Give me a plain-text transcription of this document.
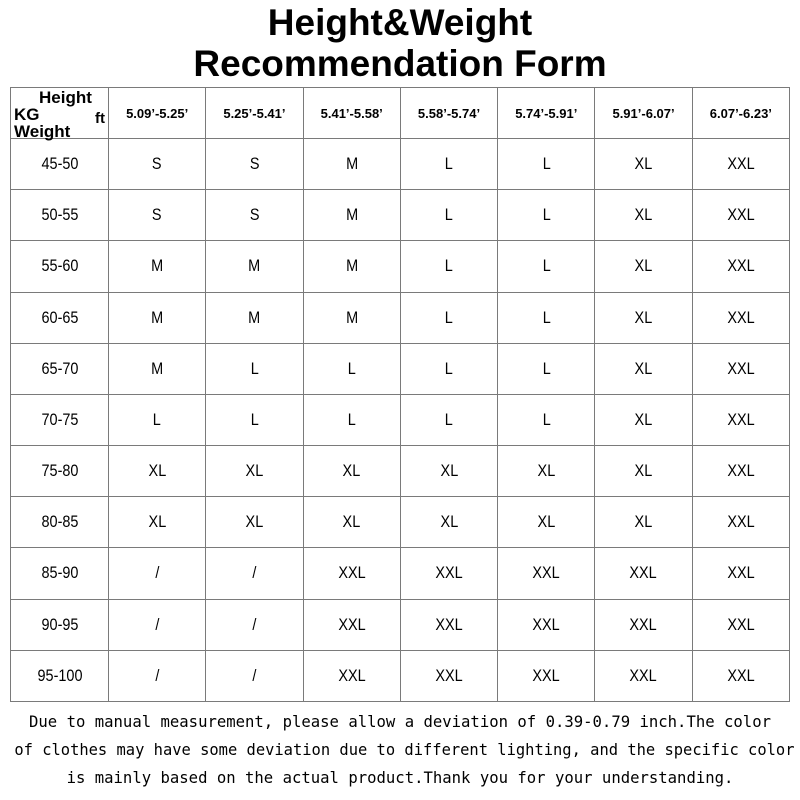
Height&Weight
Recommendation Form
Height
ft
KG
Weight	5.09’-5.25’	5.25’-5.41’	5.41’-5.58’	5.58’-5.74’	5.74’-5.91’	5.91’-6.07’	6.07’-6.23’
45-50	S	S	M	L	L	XL	XXL
50-55	S	S	M	L	L	XL	XXL
55-60	M	M	M	L	L	XL	XXL
60-65	M	M	M	L	L	XL	XXL
65-70	M	L	L	L	L	XL	XXL
70-75	L	L	L	L	L	XL	XXL
75-80	XL	XL	XL	XL	XL	XL	XXL
80-85	XL	XL	XL	XL	XL	XL	XXL
85-90	/	/	XXL	XXL	XXL	XXL	XXL
90-95	/	/	XXL	XXL	XXL	XXL	XXL
95-100	/	/	XXL	XXL	XXL	XXL	XXL
Due to manual measurement, please allow a deviation of 0.39-0.79 inch.The color
of clothes may have some deviation due to different lighting, and the specific color
is mainly based on the actual product.Thank you for your understanding.
